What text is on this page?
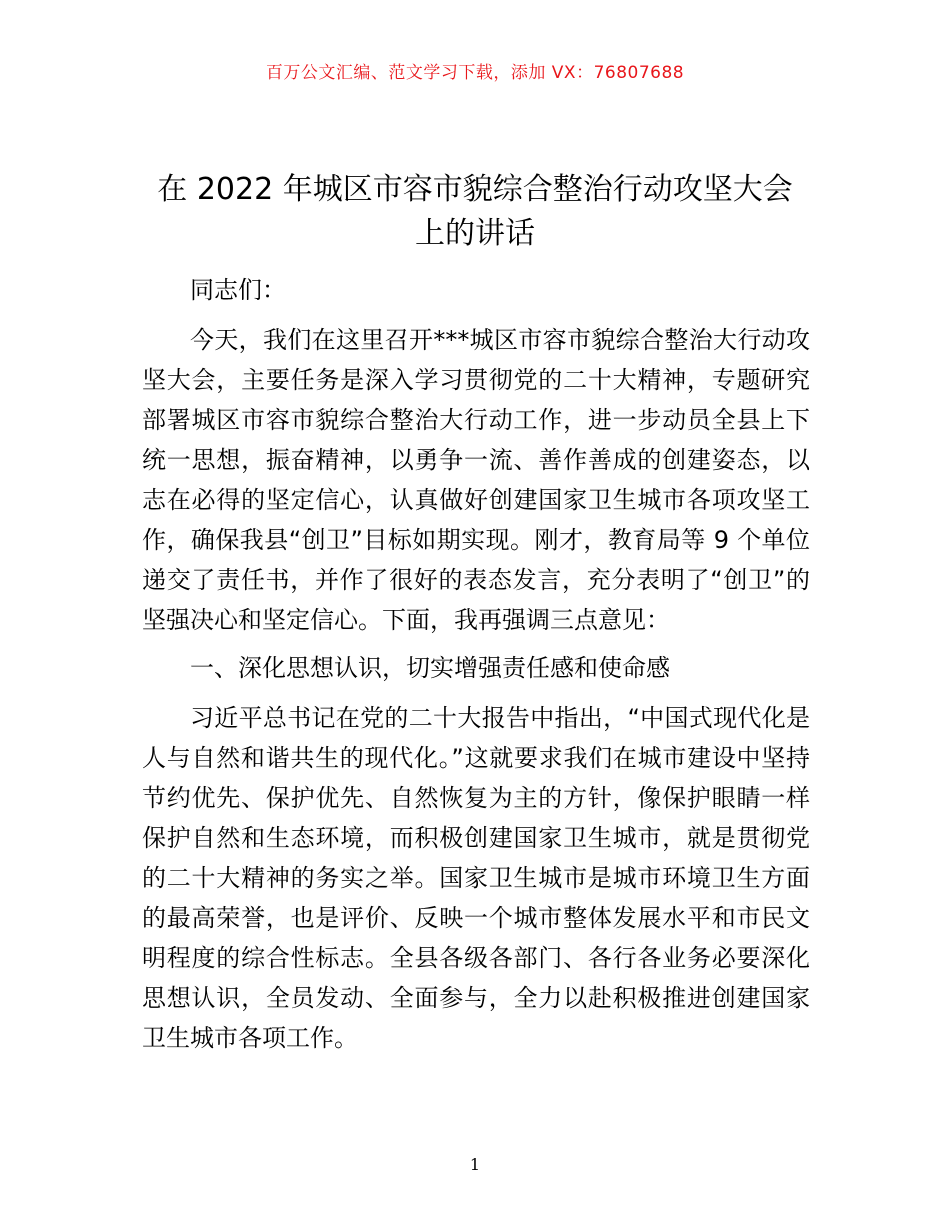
百万公文汇编、范文学习下载，添加 VX：76807688
在 2022 年城区市容市貌综合整治行动攻坚大会
上的讲话

同志们：

今天，我们在这里召开***城区市容市貌综合整治大行动攻坚大会，主要任务是深入学习贯彻党的二十大精神，专题研究部署城区市容市貌综合整治大行动工作，进一步动员全县上下统一思想，振奋精神，以勇争一流、善作善成的创建姿态，以志在必得的坚定信心，认真做好创建国家卫生城市各项攻坚工作，确保我县“创卫”目标如期实现。刚才，教育局等 9 个单位递交了责任书，并作了很好的表态发言，充分表明了“创卫”的坚强决心和坚定信心。下面，我再强调三点意见：

一、深化思想认识，切实增强责任感和使命感

习近平总书记在党的二十大报告中指出，“中国式现代化是人与自然和谐共生的现代化。”这就要求我们在城市建设中坚持节约优先、保护优先、自然恢复为主的方针，像保护眼睛一样保护自然和生态环境，而积极创建国家卫生城市，就是贯彻党的二十大精神的务实之举。国家卫生城市是城市环境卫生方面的最高荣誉，也是评价、反映一个城市整体发展水平和市民文明程度的综合性标志。全县各级各部门、各行各业务必要深化思想认识，全员发动、全面参与，全力以赴积极推进创建国家卫生城市各项工作。

1
